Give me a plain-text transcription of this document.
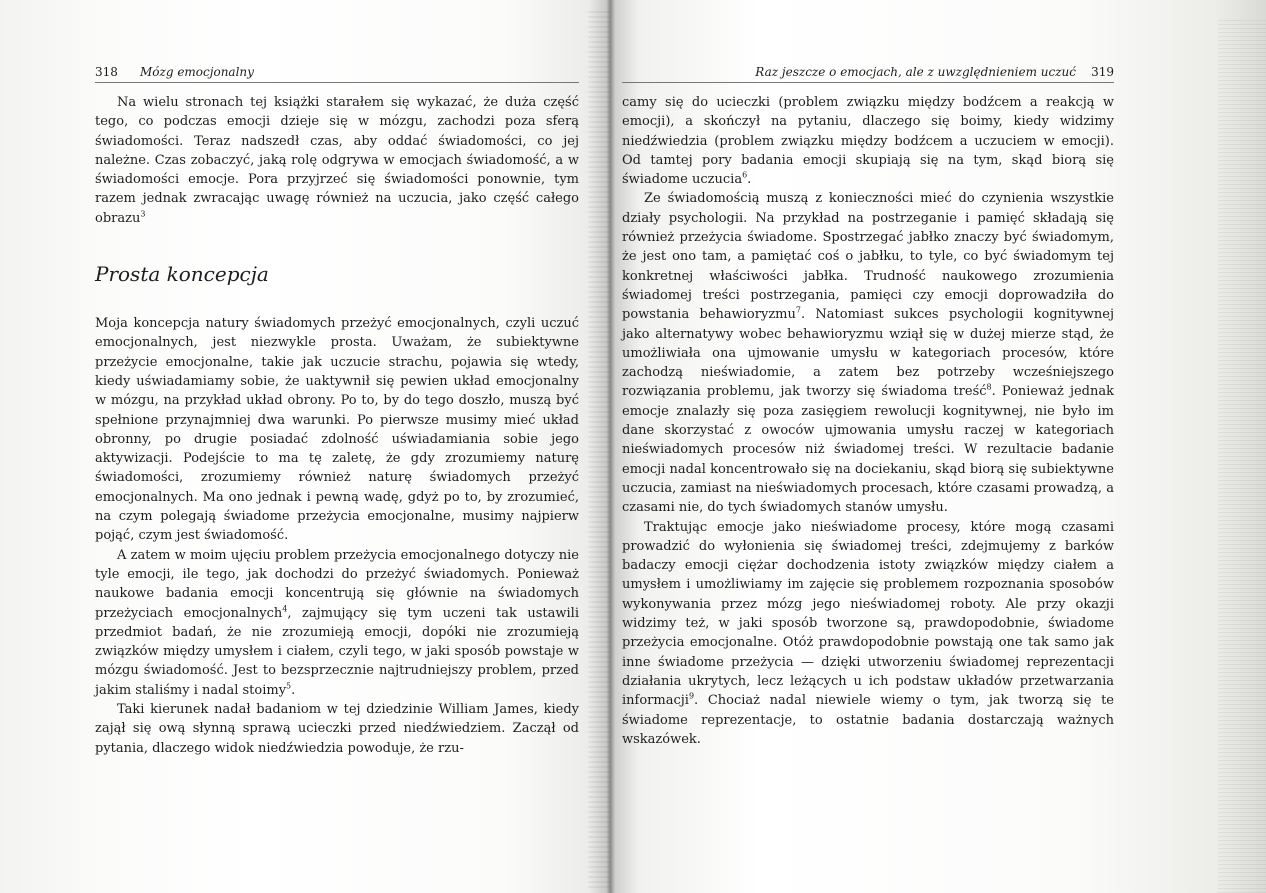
318 Mózg emocjonalny

Na wielu stronach tej książki starałem się wykazać, że duża część tego, co podczas emocji dzieje się w mózgu, zachodzi poza sferą świadomości. Teraz nadszedł czas, aby oddać świadomości, co jej należne. Czas zobaczyć, jaką rolę odgrywa w emocjach świadomość, a w świadomości emocje. Pora przyjrzeć się świadomości ponownie, tym razem jednak zwracając uwagę również na uczucia, jako część całego obrazu$^3$

Prosta koncepcja

Moja koncepcja natury świadomych przeżyć emocjonalnych, czyli uczuć emocjonalnych, jest niezwykle prosta. Uważam, że subiektywne przeżycie emocjonalne, takie jak uczucie strachu, pojawia się wtedy, kiedy uświadamiamy sobie, że uaktywnił się pewien układ emocjonalny w mózgu, na przykład układ obrony. Po to, by do tego doszło, muszą być spełnione przynajmniej dwa warunki. Po pierwsze musimy mieć układ obronny, po drugie posiadać zdolność uświadamiania sobie jego aktywizacji. Podejście to ma tę zaletę, że gdy zrozumiemy naturę świadomości, zrozumiemy również naturę świadomych przeżyć emocjonalnych. Ma ono jednak i pewną wadę, gdyż po to, by zrozumieć, na czym polegają świadome przeżycia emocjonalne, musimy najpierw pojąć, czym jest świadomość.

A zatem w moim ujęciu problem przeżycia emocjonalnego dotyczy nie tyle emocji, ile tego, jak dochodzi do przeżyć świadomych. Ponieważ naukowe badania emocji koncentrują się głównie na świadomych przeżyciach emocjonalnych$^4$, zajmujący się tym uczeni tak ustawili przedmiot badań, że nie zrozumieją emocji, dopóki nie zrozumieją związków między umysłem i ciałem, czyli tego, w jaki sposób powstaje w mózgu świadomość. Jest to bezsprzecznie najtrudniejszy problem, przed jakim staliśmy i nadal stoimy$^5$.

Taki kierunek nadał badaniom w tej dziedzinie William James, kiedy zajął się ową słynną sprawą ucieczki przed niedźwiedziem. Zaczął od pytania, dlaczego widok niedźwiedzia powoduje, że rzu-

Raz jeszcze o emocjach, ale z uwzględnieniem uczuć 319

camy się do ucieczki (problem związku między bodźcem a reakcją w emocji), a skończył na pytaniu, dlaczego się boimy, kiedy widzimy niedźwiedzia (problem związku między bodźcem a uczuciem w emocji). Od tamtej pory badania emocji skupiają się na tym, skąd biorą się świadome uczucia$^6$.

Ze świadomością muszą z konieczności mieć do czynienia wszystkie działy psychologii. Na przykład na postrzeganie i pamięć składają się również przeżycia świadome. Spostrzegać jabłko znaczy być świadomym, że jest ono tam, a pamiętać coś o jabłku, to tyle, co być świadomym tej konkretnej właściwości jabłka. Trudność naukowego zrozumienia świadomej treści postrzegania, pamięci czy emocji doprowadziła do powstania behawioryzmu$^7$. Natomiast sukces psychologii kognitywnej jako alternatywy wobec behawioryzmu wziął się w dużej mierze stąd, że umożliwiała ona ujmowanie umysłu w kategoriach procesów, które zachodzą nieświadomie, a zatem bez potrzeby wcześniejszego rozwiązania problemu, jak tworzy się świadoma treść$^8$. Ponieważ jednak emocje znalazły się poza zasięgiem rewolucji kognitywnej, nie było im dane skorzystać z owoców ujmowania umysłu raczej w kategoriach nieświadomych procesów niż świadomej treści. W rezultacie badanie emocji nadal koncentrowało się na dociekaniu, skąd biorą się subiektywne uczucia, zamiast na nieświadomych procesach, które czasami prowadzą, a czasami nie, do tych świadomych stanów umysłu.

Traktując emocje jako nieświadome procesy, które mogą czasami prowadzić do wyłonienia się świadomej treści, zdejmujemy z barków badaczy emocji ciężar dochodzenia istoty związków między ciałem a umysłem i umożliwiamy im zajęcie się problemem rozpoznania sposobów wykonywania przez mózg jego nieświadomej roboty. Ale przy okazji widzimy też, w jaki sposób tworzone są, prawdopodobnie, świadome przeżycia emocjonalne. Otóż prawdopodobnie powstają one tak samo jak inne świadome przeżycia — dzięki utworzeniu świadomej reprezentacji działania ukrytych, lecz leżących u ich podstaw układów przetwarzania informacji$^9$. Chociaż nadal niewiele wiemy o tym, jak tworzą się te świadome reprezentacje, to ostatnie badania dostarczają ważnych wskazówek.
